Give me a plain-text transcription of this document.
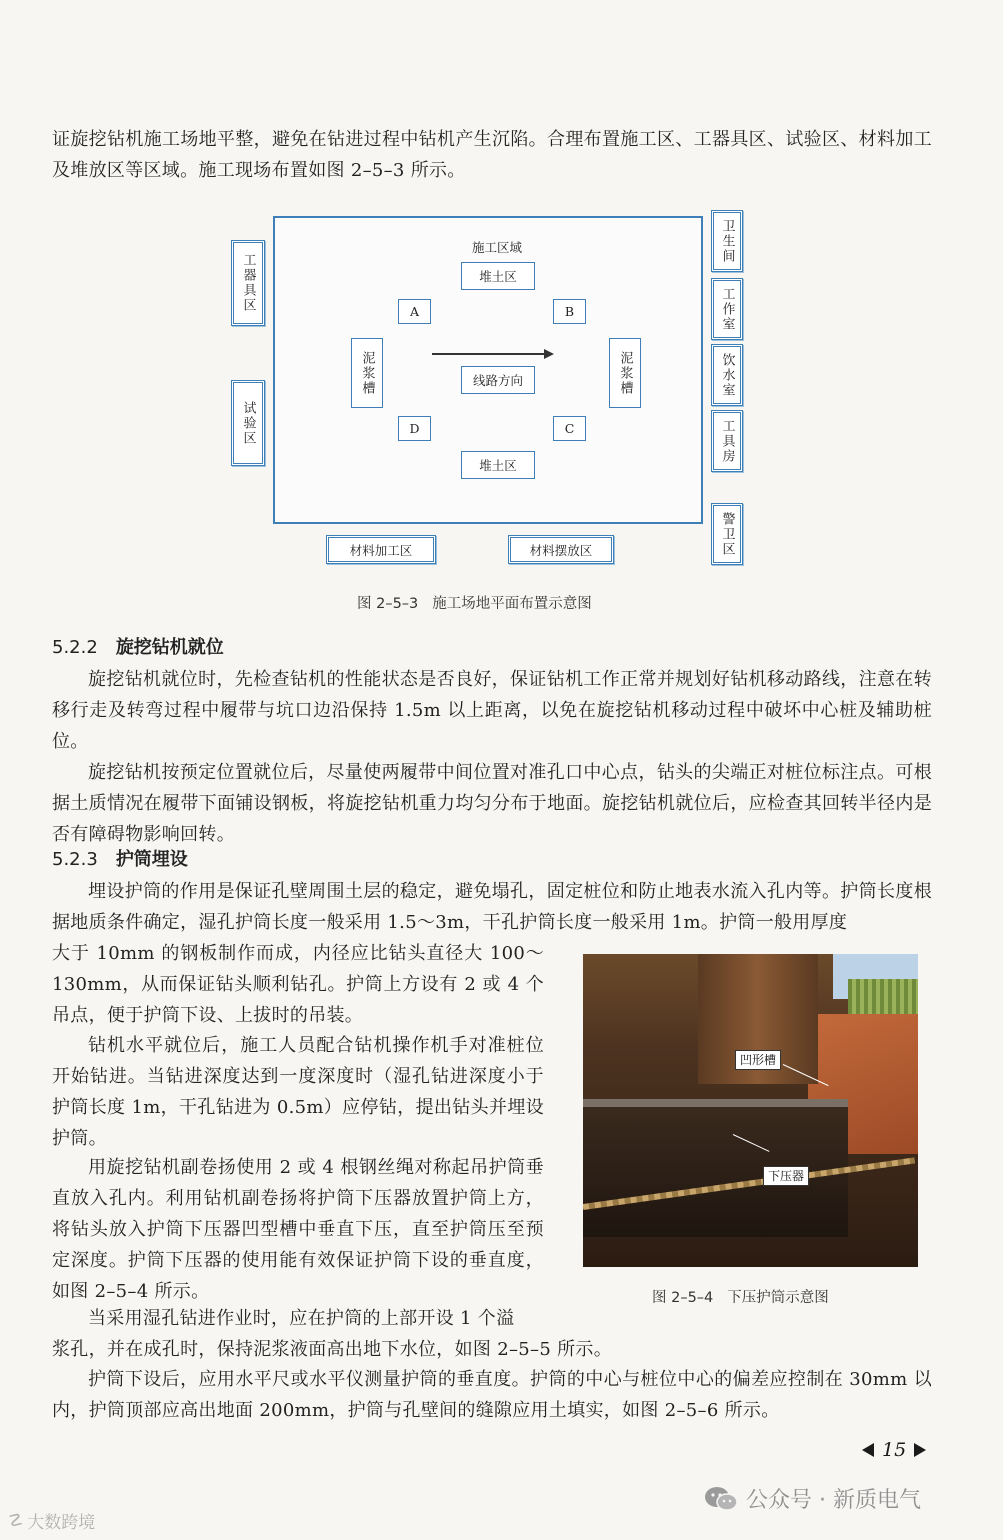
证旋挖钻机施工场地平整，避免在钻进过程中钻机产生沉陷。合理布置施工区、工器具区、试验区、材料加工及堆放区等区域。施工现场布置如图 2–5–3 所示。

施工区域
堆土区
堆土区
A	B
C
D
线路方向
泥浆槽	泥浆槽
工器具区
试验区
卫生间
工作室
饮水室
工具房
警卫区
材料加工区	材料摆放区
图 2–5–3 施工场地平面布置示意图
5.2.2 旋挖钻机就位

旋挖钻机就位时，先检查钻机的性能状态是否良好，保证钻机工作正常并规划好钻机移动路线，注意在转移行走及转弯过程中履带与坑口边沿保持 1.5m 以上距离，以免在旋挖钻机移动过程中破坏中心桩及辅助桩位。

旋挖钻机按预定位置就位后，尽量使两履带中间位置对准孔口中心点，钻头的尖端正对桩位标注点。可根据土质情况在履带下面铺设钢板，将旋挖钻机重力均匀分布于地面。旋挖钻机就位后，应检查其回转半径内是否有障碍物影响回转。

5.2.3 护筒埋设

埋设护筒的作用是保证孔壁周围土层的稳定，避免塌孔，固定桩位和防止地表水流入孔内等。护筒长度根据地质条件确定，湿孔护筒长度一般采用 1.5～3m，干孔护筒长度一般采用 1m。护筒一般用厚度

大于 10mm 的钢板制作而成，内径应比钻头直径大 100～130mm，从而保证钻头顺利钻孔。护筒上方设有 2 或 4 个吊点，便于护筒下设、上拔时的吊装。

钻机水平就位后，施工人员配合钻机操作机手对准桩位开始钻进。当钻进深度达到一度深度时（湿孔钻进深度小于护筒长度 1m，干孔钻进为 0.5m）应停钻，提出钻头并埋设护筒。

用旋挖钻机副卷扬使用 2 或 4 根钢丝绳对称起吊护筒垂直放入孔内。利用钻机副卷扬将护筒下压器放置护筒上方，将钻头放入护筒下压器凹型槽中垂直下压，直至护筒压至预定深度。护筒下压器的使用能有效保证护筒下设的垂直度，如图 2–5–4 所示。

当采用湿孔钻进作业时，应在护筒的上部开设 1 个溢

浆孔，并在成孔时，保持泥浆液面高出地下水位，如图 2–5–5 所示。

护筒下设后，应用水平尺或水平仪测量护筒的垂直度。护筒的中心与桩位中心的偏差应控制在 30mm 以内，护筒顶部应高出地面 200mm，护筒与孔壁间的缝隙应用土填实，如图 2–5–6 所示。

凹形槽
下压器
图 2–5–4 下压护筒示意图
15
☡ 大数跨境
公众号 · 新质电气
